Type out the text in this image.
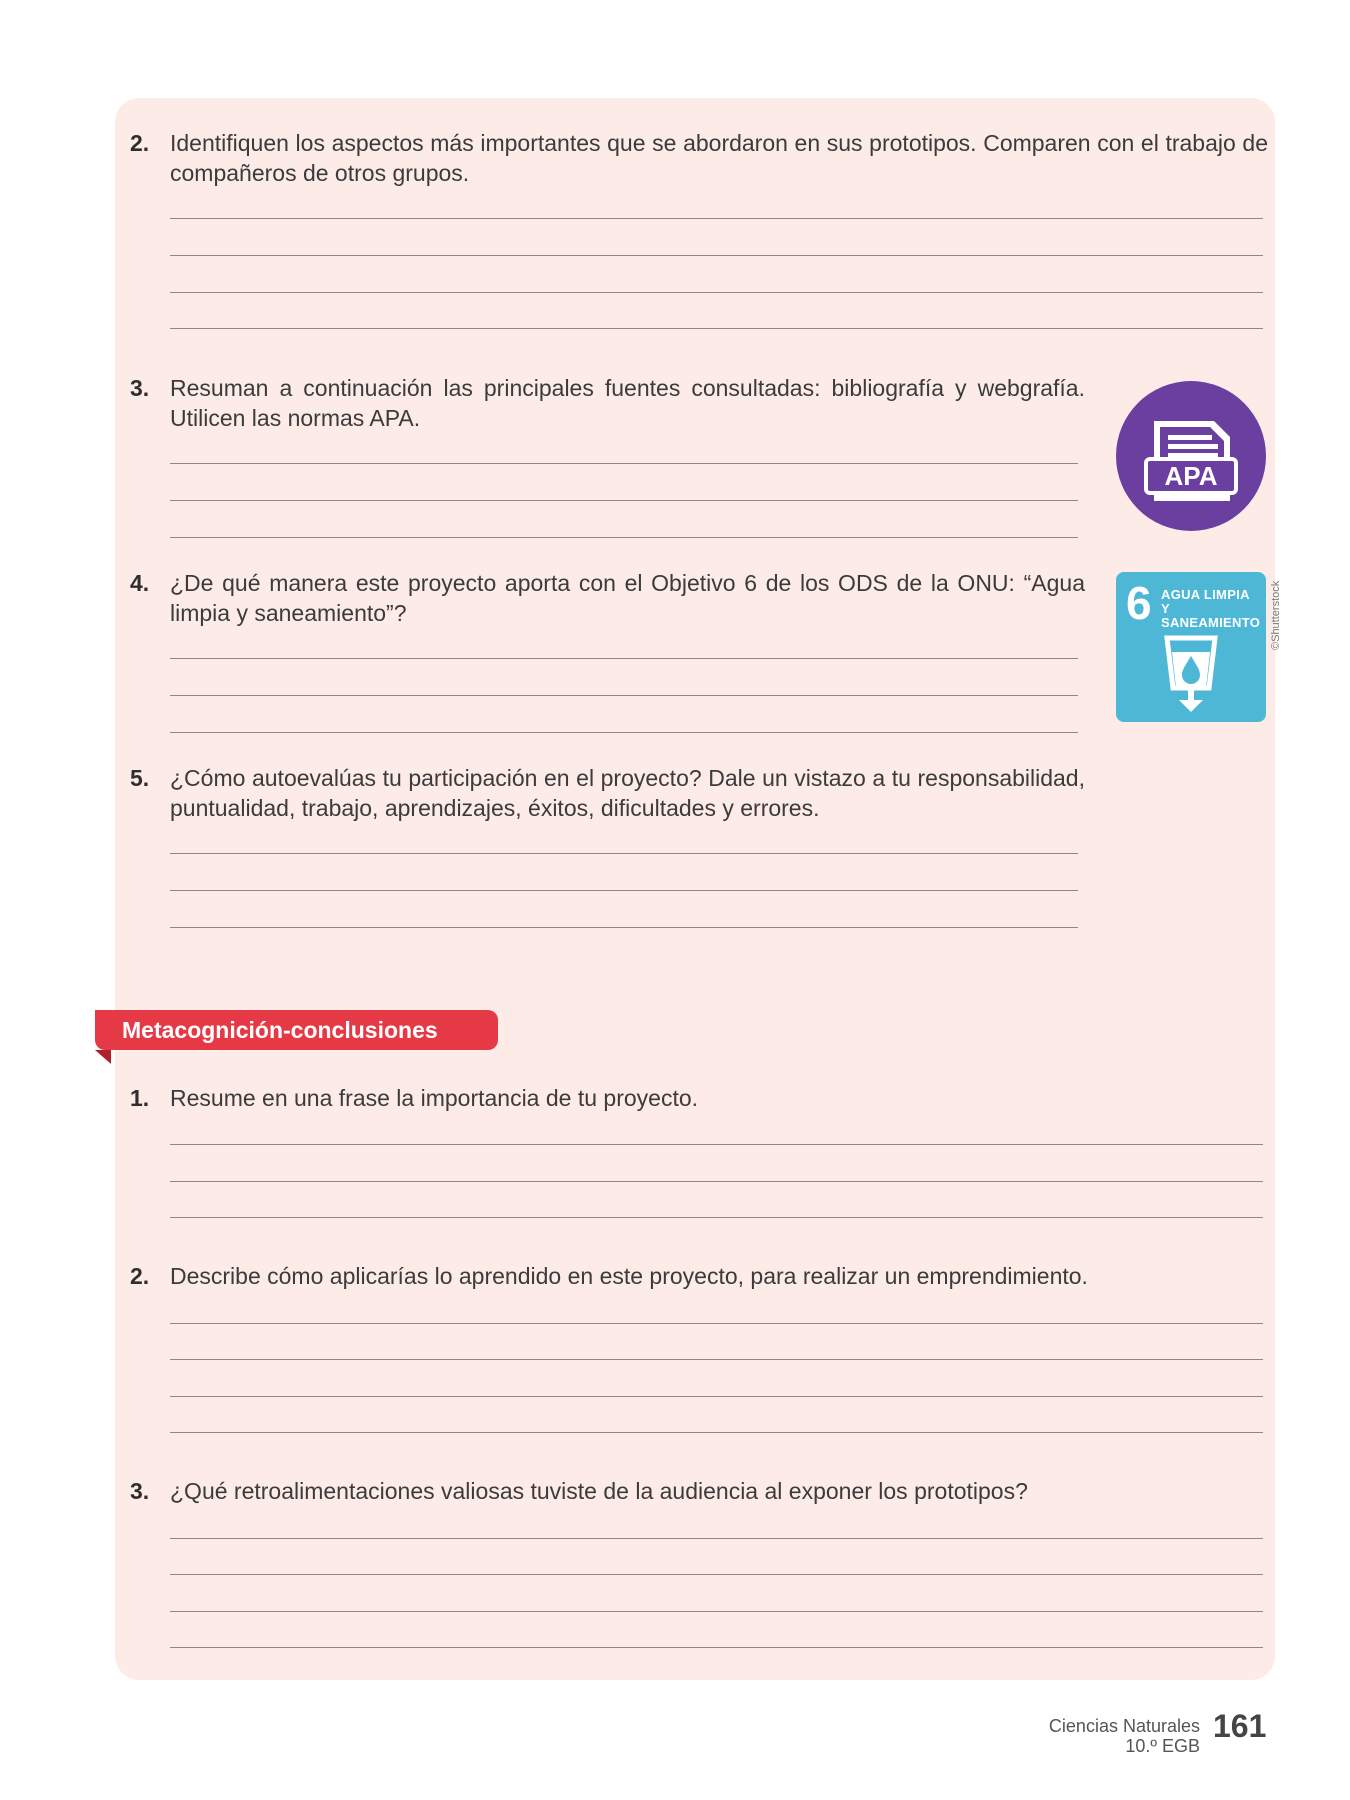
2. Identifiquen los aspectos más importantes que se abordaron en sus prototipos. Comparen con el trabajo de compañeros de otros grupos.
3. Resuman a continuación las principales fuentes consultadas: bibliografía y webgrafía. Utilicen las normas APA.
4. ¿De qué manera este proyecto aporta con el Objetivo 6 de los ODS de la ONU: “Agua limpia y saneamiento”?
5. ¿Cómo autoevalúas tu participación en el proyecto? Dale un vistazo a tu responsabilidad, puntualidad, trabajo, aprendizajes, éxitos, dificultades y errores.
APA
6 AGUA LIMPIA
Y SANEAMIENTO ©Shutterstock
Metacognición-conclusiones
1. Resume en una frase la importancia de tu proyecto.
2. Describe cómo aplicarías lo aprendido en este proyecto, para realizar un emprendimiento.
3. ¿Qué retroalimentaciones valiosas tuviste de la audiencia al exponer los prototipos?
Ciencias Naturales
10.º EGB
161
